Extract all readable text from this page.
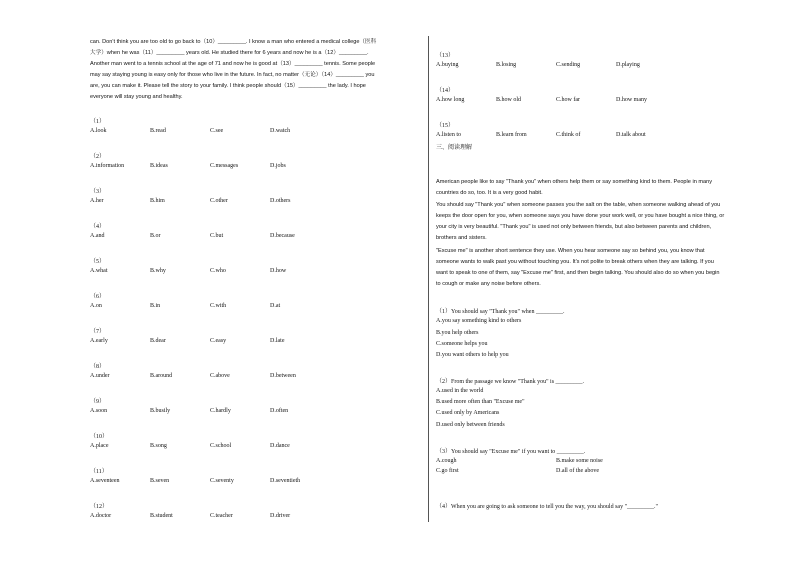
can. Don't think you are too old to go back to（10）_________. I know a man who entered a medical college（医科
大学）when he was（11）_________ years old. He studied there for 6 years and now he is a（12）_________.
Another man went to a tennis school at the age of 71 and now he is good at（13）_________ tennis. Some people
may say staying young is easy only for those who live in the future. In fact, no matter（无论）（14）_________ you
are, you can make it. Please tell the story to your family. I think people should（15）_________ the lady. I hope
everyone will stay young and healthy.
（1）
A.look	B.read	C.see	D.watch
（2）
A.information	B.ideas	C.messages	D.jobs
（3）
A.her	B.him	C.other	D.others
（4）
A.and	B.or	C.but	D.because
（5）
A.what	B.why	C.who	D.how
（6）
A.on	B.in	C.with	D.at
（7）
A.early	B.dear	C.easy	D.late
（8）
A.under	B.around	C.above	D.between
（9）
A.soon	B.busily	C.hardly	D.often
（10）
A.place	B.song	C.school	D.dance
（11）
A.seventeen	B.seven	C.seventy	D.seventieth
（12）
A.doctor	B.student	C.teacher	D.driver
（13）
A.buying	B.losing	C.sending	D.playing
（14）
A.how long	B.how old	C.how far	D.how many
（15）
A.listen to	B.learn from	C.think of	D.talk about
三、阅读理解
American people like to say "Thank you" when others help them or say something kind to them. People in many
countries do so, too. It is a very good habit.
You should say "Thank you" when someone passes you the salt on the table, when someone walking ahead of you
keeps the door open for you, when someone says you have done your work well, or you have bought a nice thing, or
your city is very beautiful. "Thank you" is used not only between friends, but also between parents and children,
brothers and sisters.
"Excuse me" is another short sentence they use. When you hear someone say so behind you, you know that
someone wants to walk past you without touching you. It's not polite to break others when they are talking. If you
want to speak to one of them, say "Excuse me" first, and then begin talking. You should also do so when you begin
to cough or make any noise before others.
（1）You should say "Thank you" when _________.
A.you say something kind to others
B.you help others
C.someone helps you
D.you want others to help you
（2）From the passage we know "Thank you" is _________.
A.used in the world
B.used more often than "Excuse me"
C.used only by Americans
D.used only between friends
（3）You should say "Excuse me" if you want to _________.
A.cough	B.make some noise
C.go first	D.all of the above
（4）When you are going to ask someone to tell you the way, you should say "_________."
